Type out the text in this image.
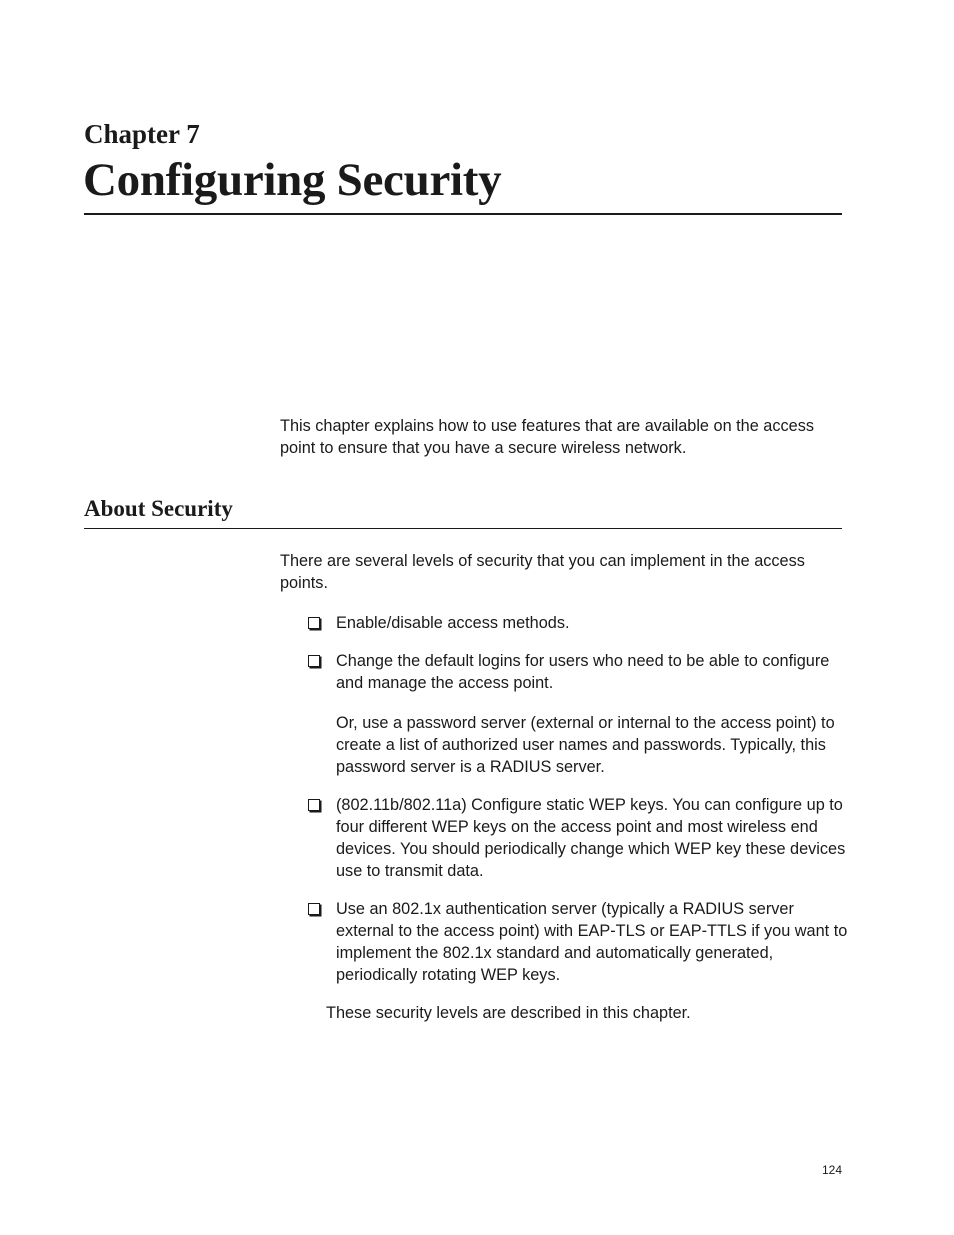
Chapter 7
Configuring Security

This chapter explains how to use features that are available on the access point to ensure that you have a secure wireless network.

About Security

There are several levels of security that you can implement in the access points.

Enable/disable access methods.
Change the default logins for users who need to be able to configure and manage the access point.
Or, use a password server (external or internal to the access point) to create a list of authorized user names and passwords. Typically, this password server is a RADIUS server.
(802.11b/802.11a) Configure static WEP keys. You can configure up to four different WEP keys on the access point and most wireless end devices. You should periodically change which WEP key these devices use to transmit data.
Use an 802.1x authentication server (typically a RADIUS server external to the access point) with EAP-TLS or EAP-TTLS if you want to implement the 802.1x standard and automatically generated, periodically rotating WEP keys.

These security levels are described in this chapter.

124
